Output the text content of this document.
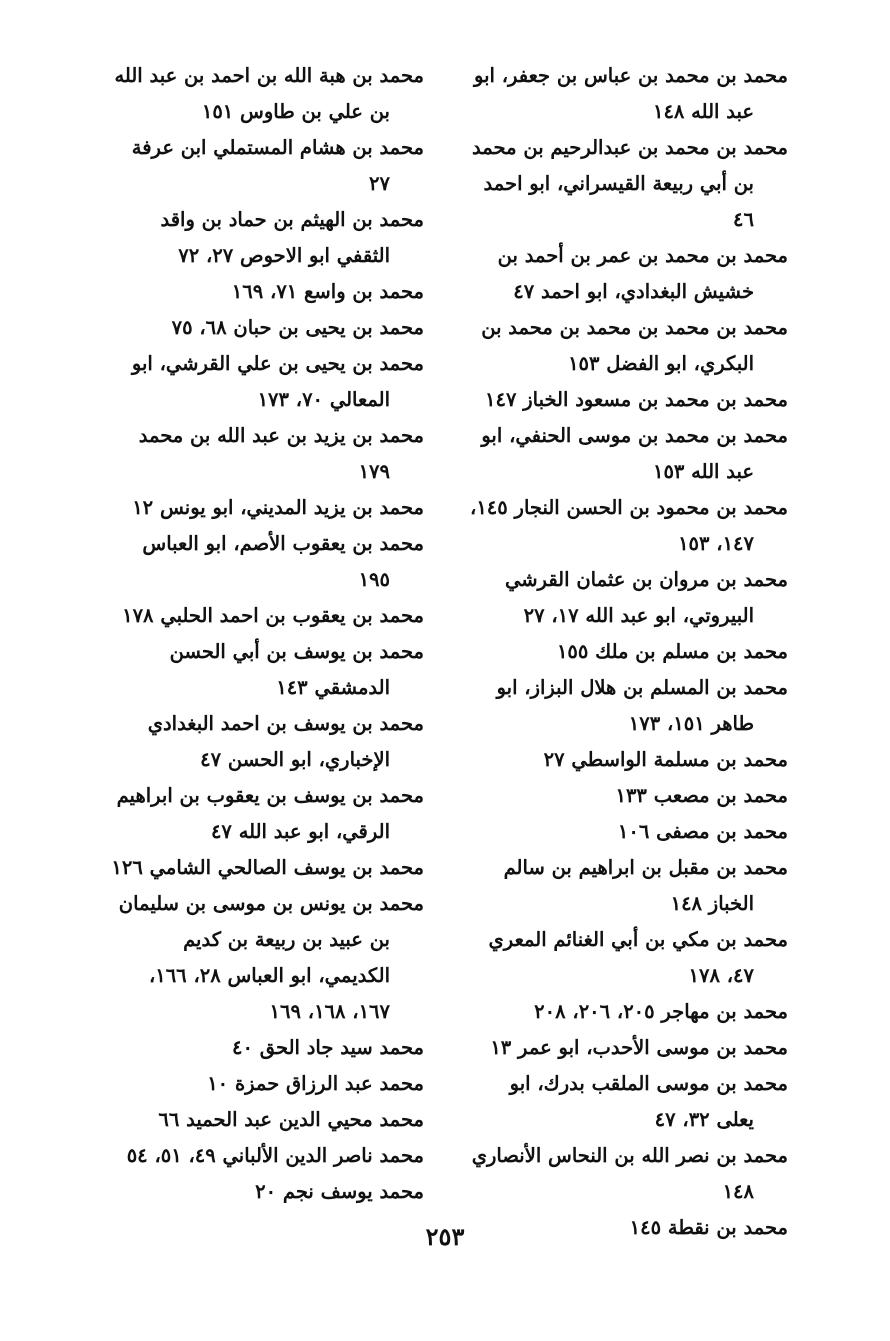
محمد بن محمد بن عباس بن جعفر، ابو عبد الله ١٤٨

محمد بن محمد بن عبدالرحيم بن محمد بن أبي ربيعة القيسراني، ابو احمد ٤٦

محمد بن محمد بن عمر بن أحمد بن خشيش البغدادي، ابو احمد ٤٧

محمد بن محمد بن محمد بن محمد بن البكري، ابو الفضل ١٥٣

محمد بن محمد بن مسعود الخباز ١٤٧

محمد بن محمد بن موسى الحنفي، ابو عبد الله ١٥٣

محمد بن محمود بن الحسن النجار ١٤٥، ١٤٧، ١٥٣

محمد بن مروان بن عثمان القرشي البيروتي، ابو عبد الله ١٧، ٢٧

محمد بن مسلم بن ملك ١٥٥

محمد بن المسلم بن هلال البزاز، ابو طاهر ١٥١، ١٧٣

محمد بن مسلمة الواسطي ٢٧

محمد بن مصعب ١٣٣

محمد بن مصفى ١٠٦

محمد بن مقبل بن ابراهيم بن سالم الخباز ١٤٨

محمد بن مكي بن أبي الغنائم المعري ٤٧، ١٧٨

محمد بن مهاجر ٢٠٥، ٢٠٦، ٢٠٨

محمد بن موسى الأحدب، ابو عمر ١٣

محمد بن موسى الملقب بدرك، ابو يعلى ٣٢، ٤٧

محمد بن نصر الله بن النحاس الأنصاري ١٤٨

محمد بن نقطة ١٤٥

محمد بن هبة الله بن احمد بن عبد الله بن علي بن طاوس ١٥١

محمد بن هشام المستملي ابن عرفة ٢٧

محمد بن الهيثم بن حماد بن واقد الثقفي ابو الاحوص ٢٧، ٧٢

محمد بن واسع ٧١، ١٦٩

محمد بن يحيى بن حبان ٦٨، ٧٥

محمد بن يحيى بن علي القرشي، ابو المعالي ٧٠، ١٧٣

محمد بن يزيد بن عبد الله بن محمد ١٧٩

محمد بن يزيد المديني، ابو يونس ١٢

محمد بن يعقوب الأصم، ابو العباس ١٩٥

محمد بن يعقوب بن احمد الحلبي ١٧٨

محمد بن يوسف بن أبي الحسن الدمشقي ١٤٣

محمد بن يوسف بن احمد البغدادي الإخباري، ابو الحسن ٤٧

محمد بن يوسف بن يعقوب بن ابراهيم الرقي، ابو عبد الله ٤٧

محمد بن يوسف الصالحي الشامي ١٢٦

محمد بن يونس بن موسى بن سليمان بن عبيد بن ربيعة بن كديم الكديمي، ابو العباس ٢٨، ١٦٦، ١٦٧، ١٦٨، ١٦٩

محمد سيد جاد الحق ٤٠

محمد عبد الرزاق حمزة ١٠

محمد محيي الدين عبد الحميد ٦٦

محمد ناصر الدين الألباني ٤٩، ٥١، ٥٤

محمد يوسف نجم ٢٠

٢٥٣
